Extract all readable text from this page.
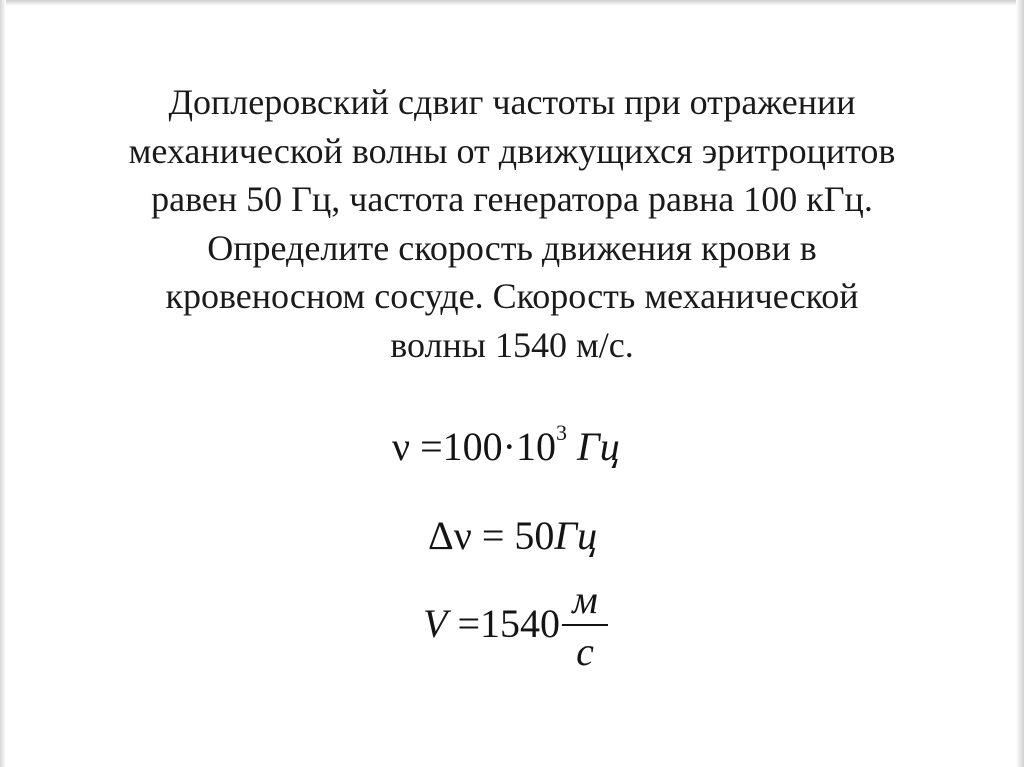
Доплеровский сдвиг частоты при отражении
механической волны от движущихся эритроцитов
равен 50 Гц, частота генератора равна 100 кГц.
Определите скорость движения крови в
кровеносном сосуде. Скорость механической
волны 1540 м/с.
$\nu =100\cdot 10^3$ Гц
Δν = 50Гц
V =1540
м
с
